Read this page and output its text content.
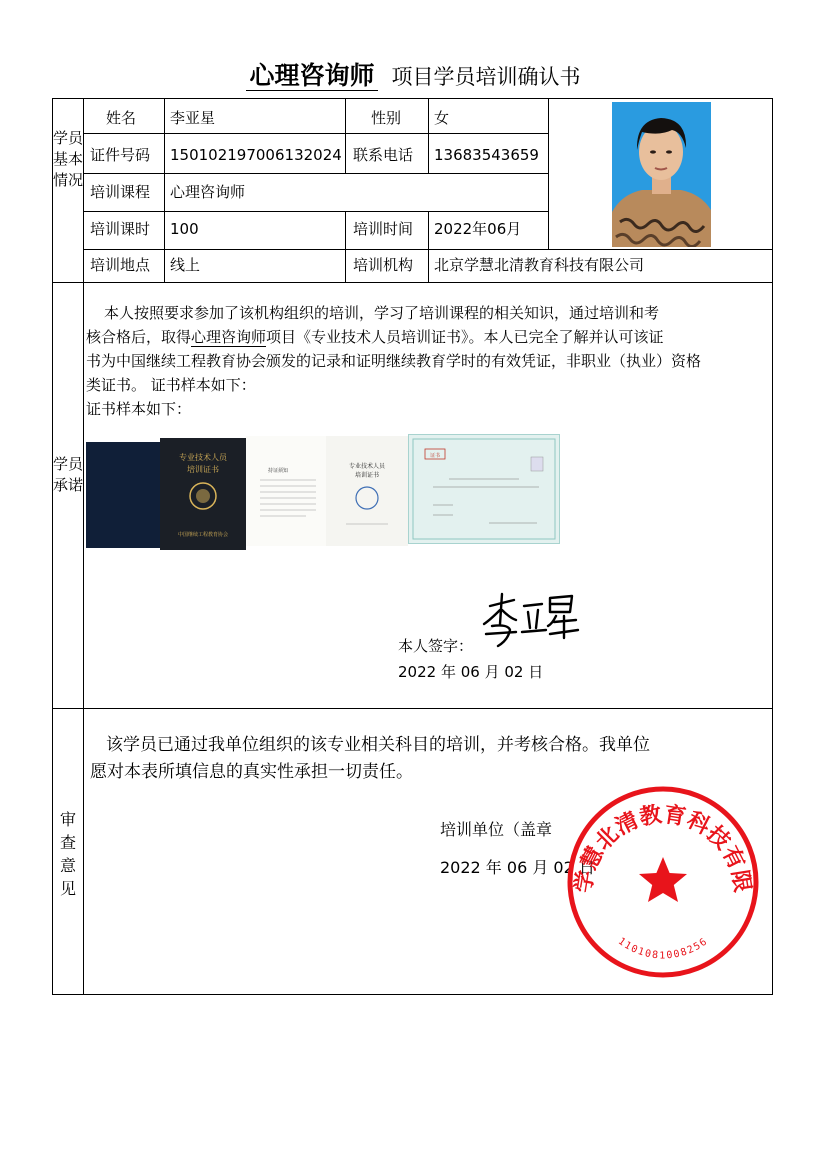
心理咨询师 项目学员培训确认书
学员基本情况
学员承诺
审查意见
姓名 李亚星	性别 女
证件号码 150102197006132024 联系电话 13683543659
培训课程 心理咨询师
培训课时 100	培训时间 2022年06月
培训地点 线上	培训机构 北京学慧北清教育科技有限公司
本人按照要求参加了该机构组织的培训，学习了培训课程的相关知识，通过培训和考
核合格后，取得心理咨询师项目《专业技术人员培训证书》。本人已完全了解并认可该证
书为中国继续工程教育协会颁发的记录和证明继续教育学时的有效凭证，非职业（执业）资格
类证书。 证书样本如下：
证书样本如下：
专业技术人员
培训证书
中国继续工程教育协会
持证须知
专业技术人员
培训证书
证书
本人签字：
2022 年 06 月 02 日
该学员已通过我单位组织的该专业相关科目的培训，并考核合格。我单位
愿对本表所填信息的真实性承担一切责任。
培训单位（盖章
2022 年 06 月 02 日
学慧北清教育科技有限
1101081008256
